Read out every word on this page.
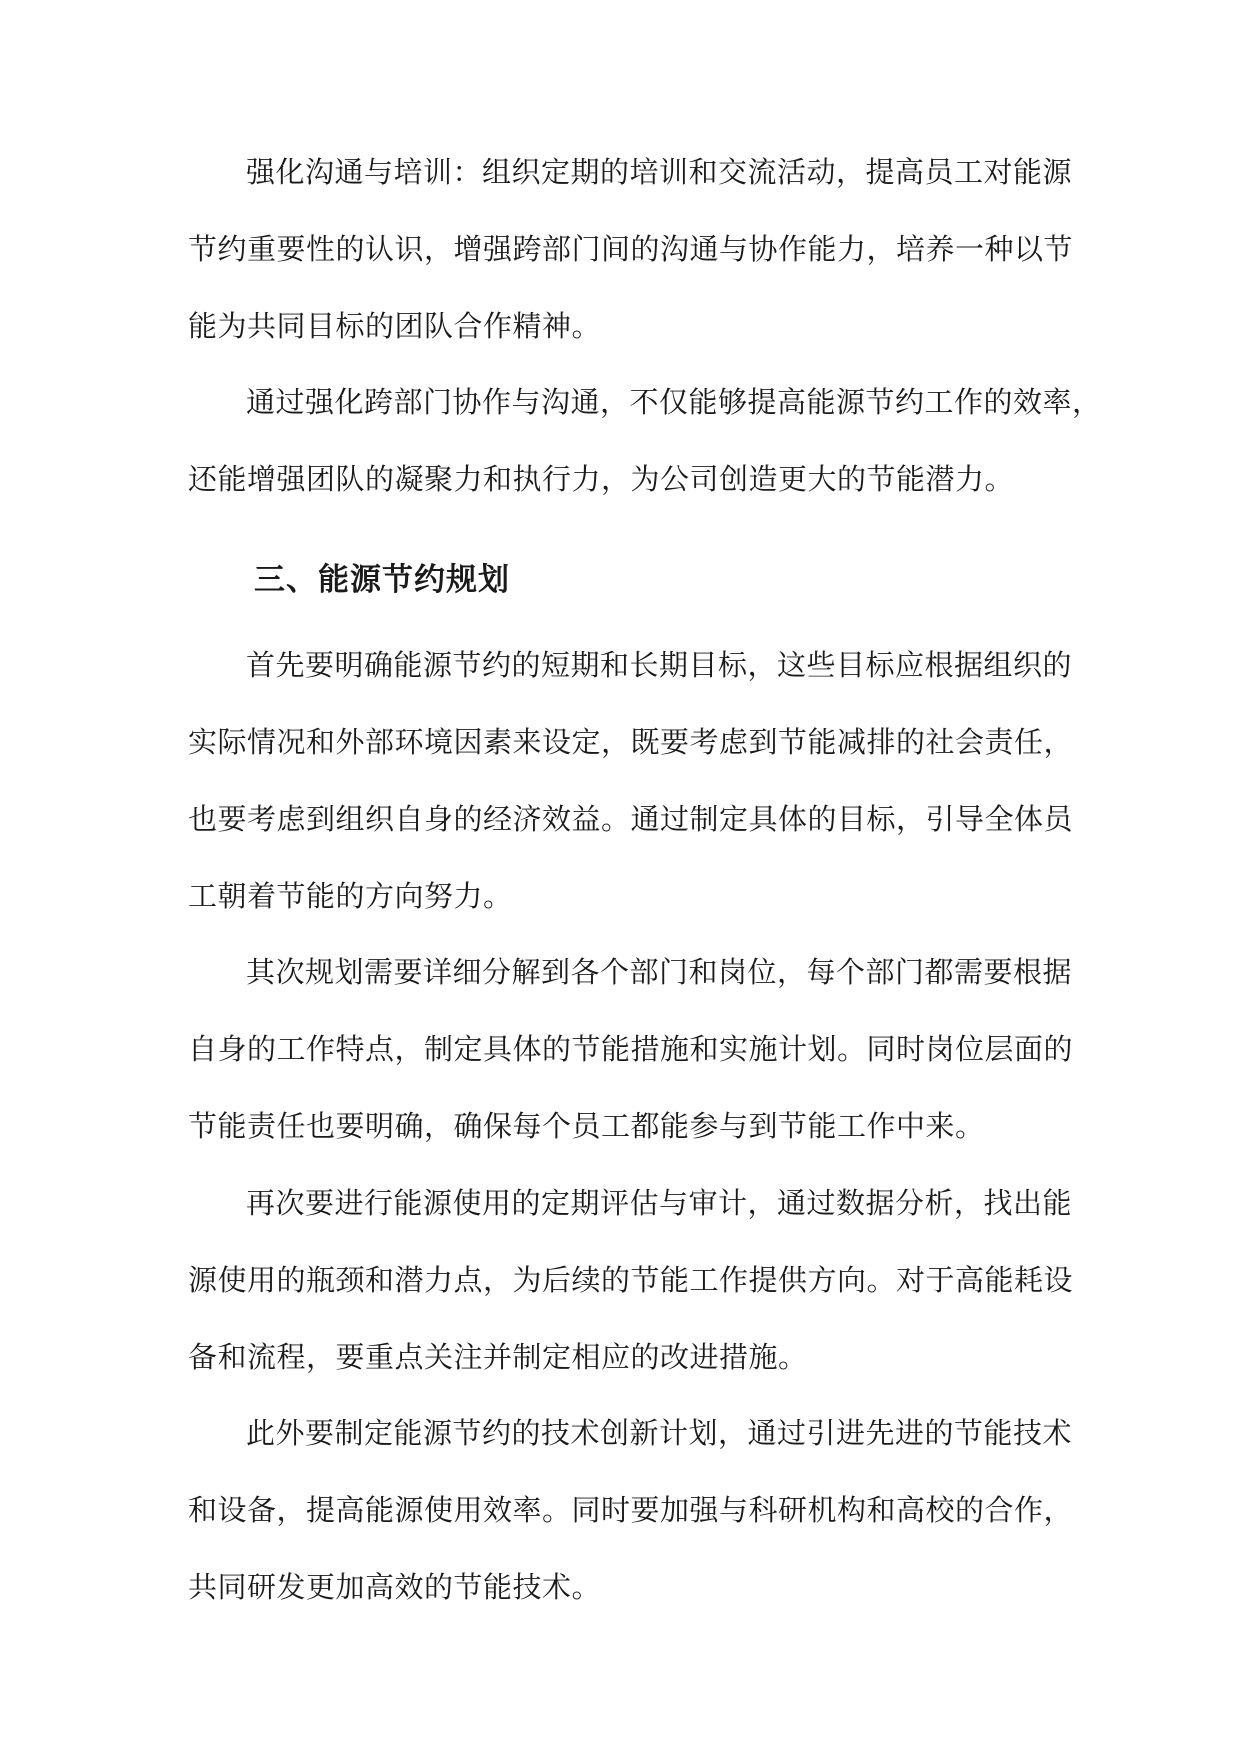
强化沟通与培训：组织定期的培训和交流活动，提高员工对能源
节约重要性的认识，增强跨部门间的沟通与协作能力，培养一种以节
能为共同目标的团队合作精神。
通过强化跨部门协作与沟通，不仅能够提高能源节约工作的效率，
还能增强团队的凝聚力和执行力，为公司创造更大的节能潜力。
三、能源节约规划
首先要明确能源节约的短期和长期目标，这些目标应根据组织的
实际情况和外部环境因素来设定，既要考虑到节能减排的社会责任，
也要考虑到组织自身的经济效益。通过制定具体的目标，引导全体员
工朝着节能的方向努力。
其次规划需要详细分解到各个部门和岗位，每个部门都需要根据
自身的工作特点，制定具体的节能措施和实施计划。同时岗位层面的
节能责任也要明确，确保每个员工都能参与到节能工作中来。
再次要进行能源使用的定期评估与审计，通过数据分析，找出能
源使用的瓶颈和潜力点，为后续的节能工作提供方向。对于高能耗设
备和流程，要重点关注并制定相应的改进措施。
此外要制定能源节约的技术创新计划，通过引进先进的节能技术
和设备，提高能源使用效率。同时要加强与科研机构和高校的合作，
共同研发更加高效的节能技术。
